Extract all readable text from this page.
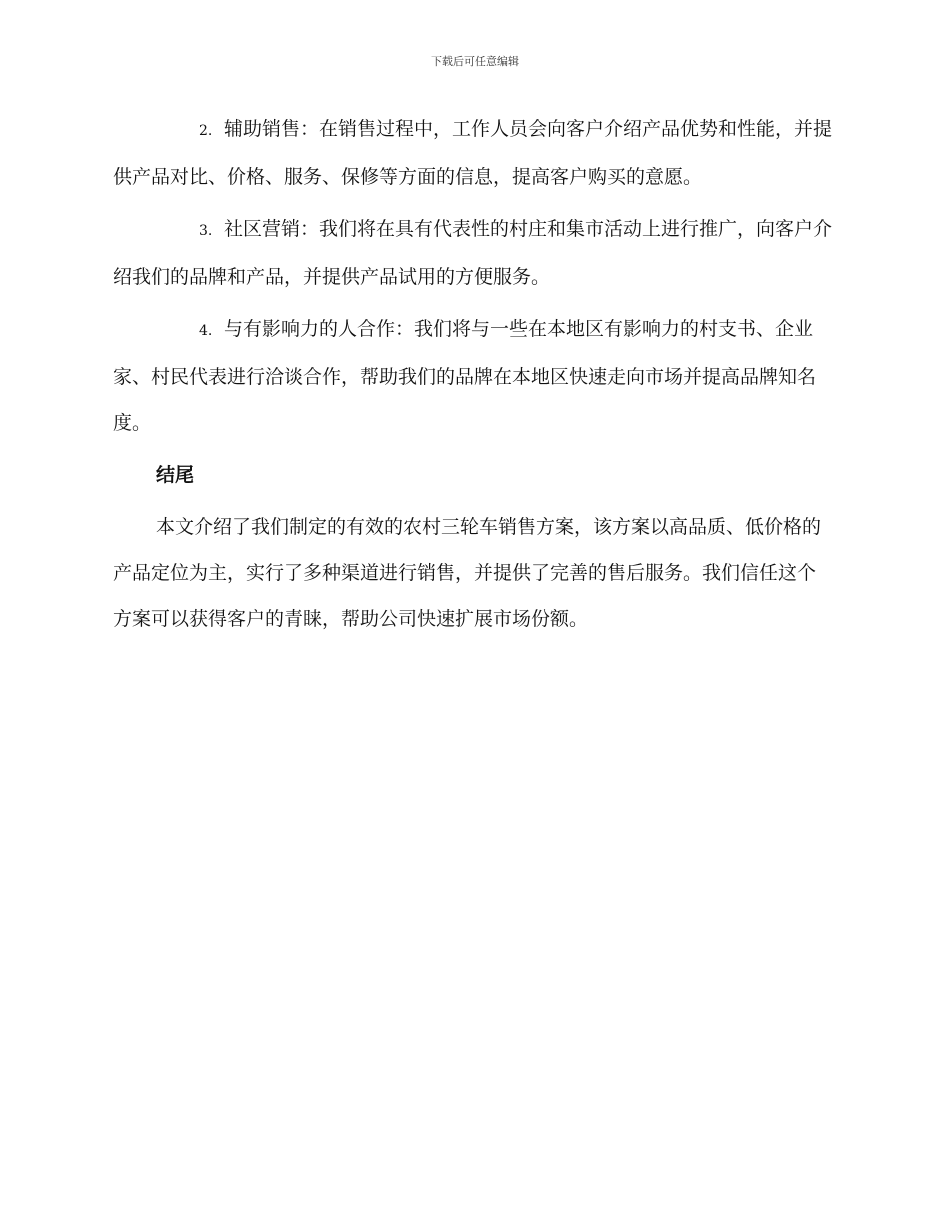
下载后可任意编辑

2. 辅助销售：在销售过程中，工作人员会向客户介绍产品优势和性能，并提供产品对比、价格、服务、保修等方面的信息，提高客户购买的意愿。

3. 社区营销：我们将在具有代表性的村庄和集市活动上进行推广，向客户介绍我们的品牌和产品，并提供产品试用的方便服务。

4. 与有影响力的人合作：我们将与一些在本地区有影响力的村支书、企业家、村民代表进行洽谈合作，帮助我们的品牌在本地区快速走向市场并提高品牌知名度。

结尾

本文介绍了我们制定的有效的农村三轮车销售方案，该方案以高品质、低价格的产品定位为主，实行了多种渠道进行销售，并提供了完善的售后服务。我们信任这个方案可以获得客户的青睐，帮助公司快速扩展市场份额。
